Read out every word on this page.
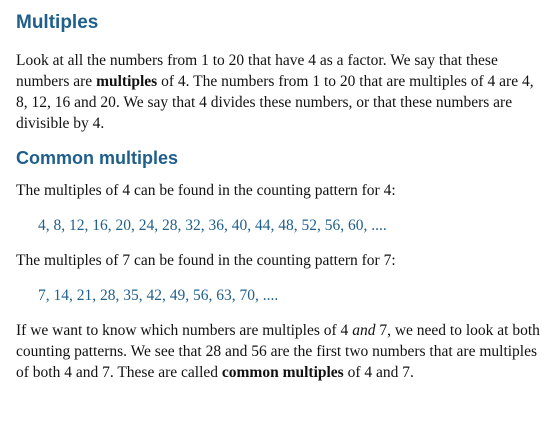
Multiples

Look at all the numbers from 1 to 20 that have 4 as a factor. We say that these numbers are multiples of 4. The numbers from 1 to 20 that are multiples of 4 are 4, 8, 12, 16 and 20. We say that 4 divides these numbers, or that these numbers are divisible by 4.

Common multiples

The multiples of 4 can be found in the counting pattern for 4:

4, 8, 12, 16, 20, 24, 28, 32, 36, 40, 44, 48, 52, 56, 60, ....

The multiples of 7 can be found in the counting pattern for 7:

7, 14, 21, 28, 35, 42, 49, 56, 63, 70, ....

If we want to know which numbers are multiples of 4 and 7, we need to look at both counting patterns. We see that 28 and 56 are the first two numbers that are multiples of both 4 and 7. These are called common multiples of 4 and 7.
